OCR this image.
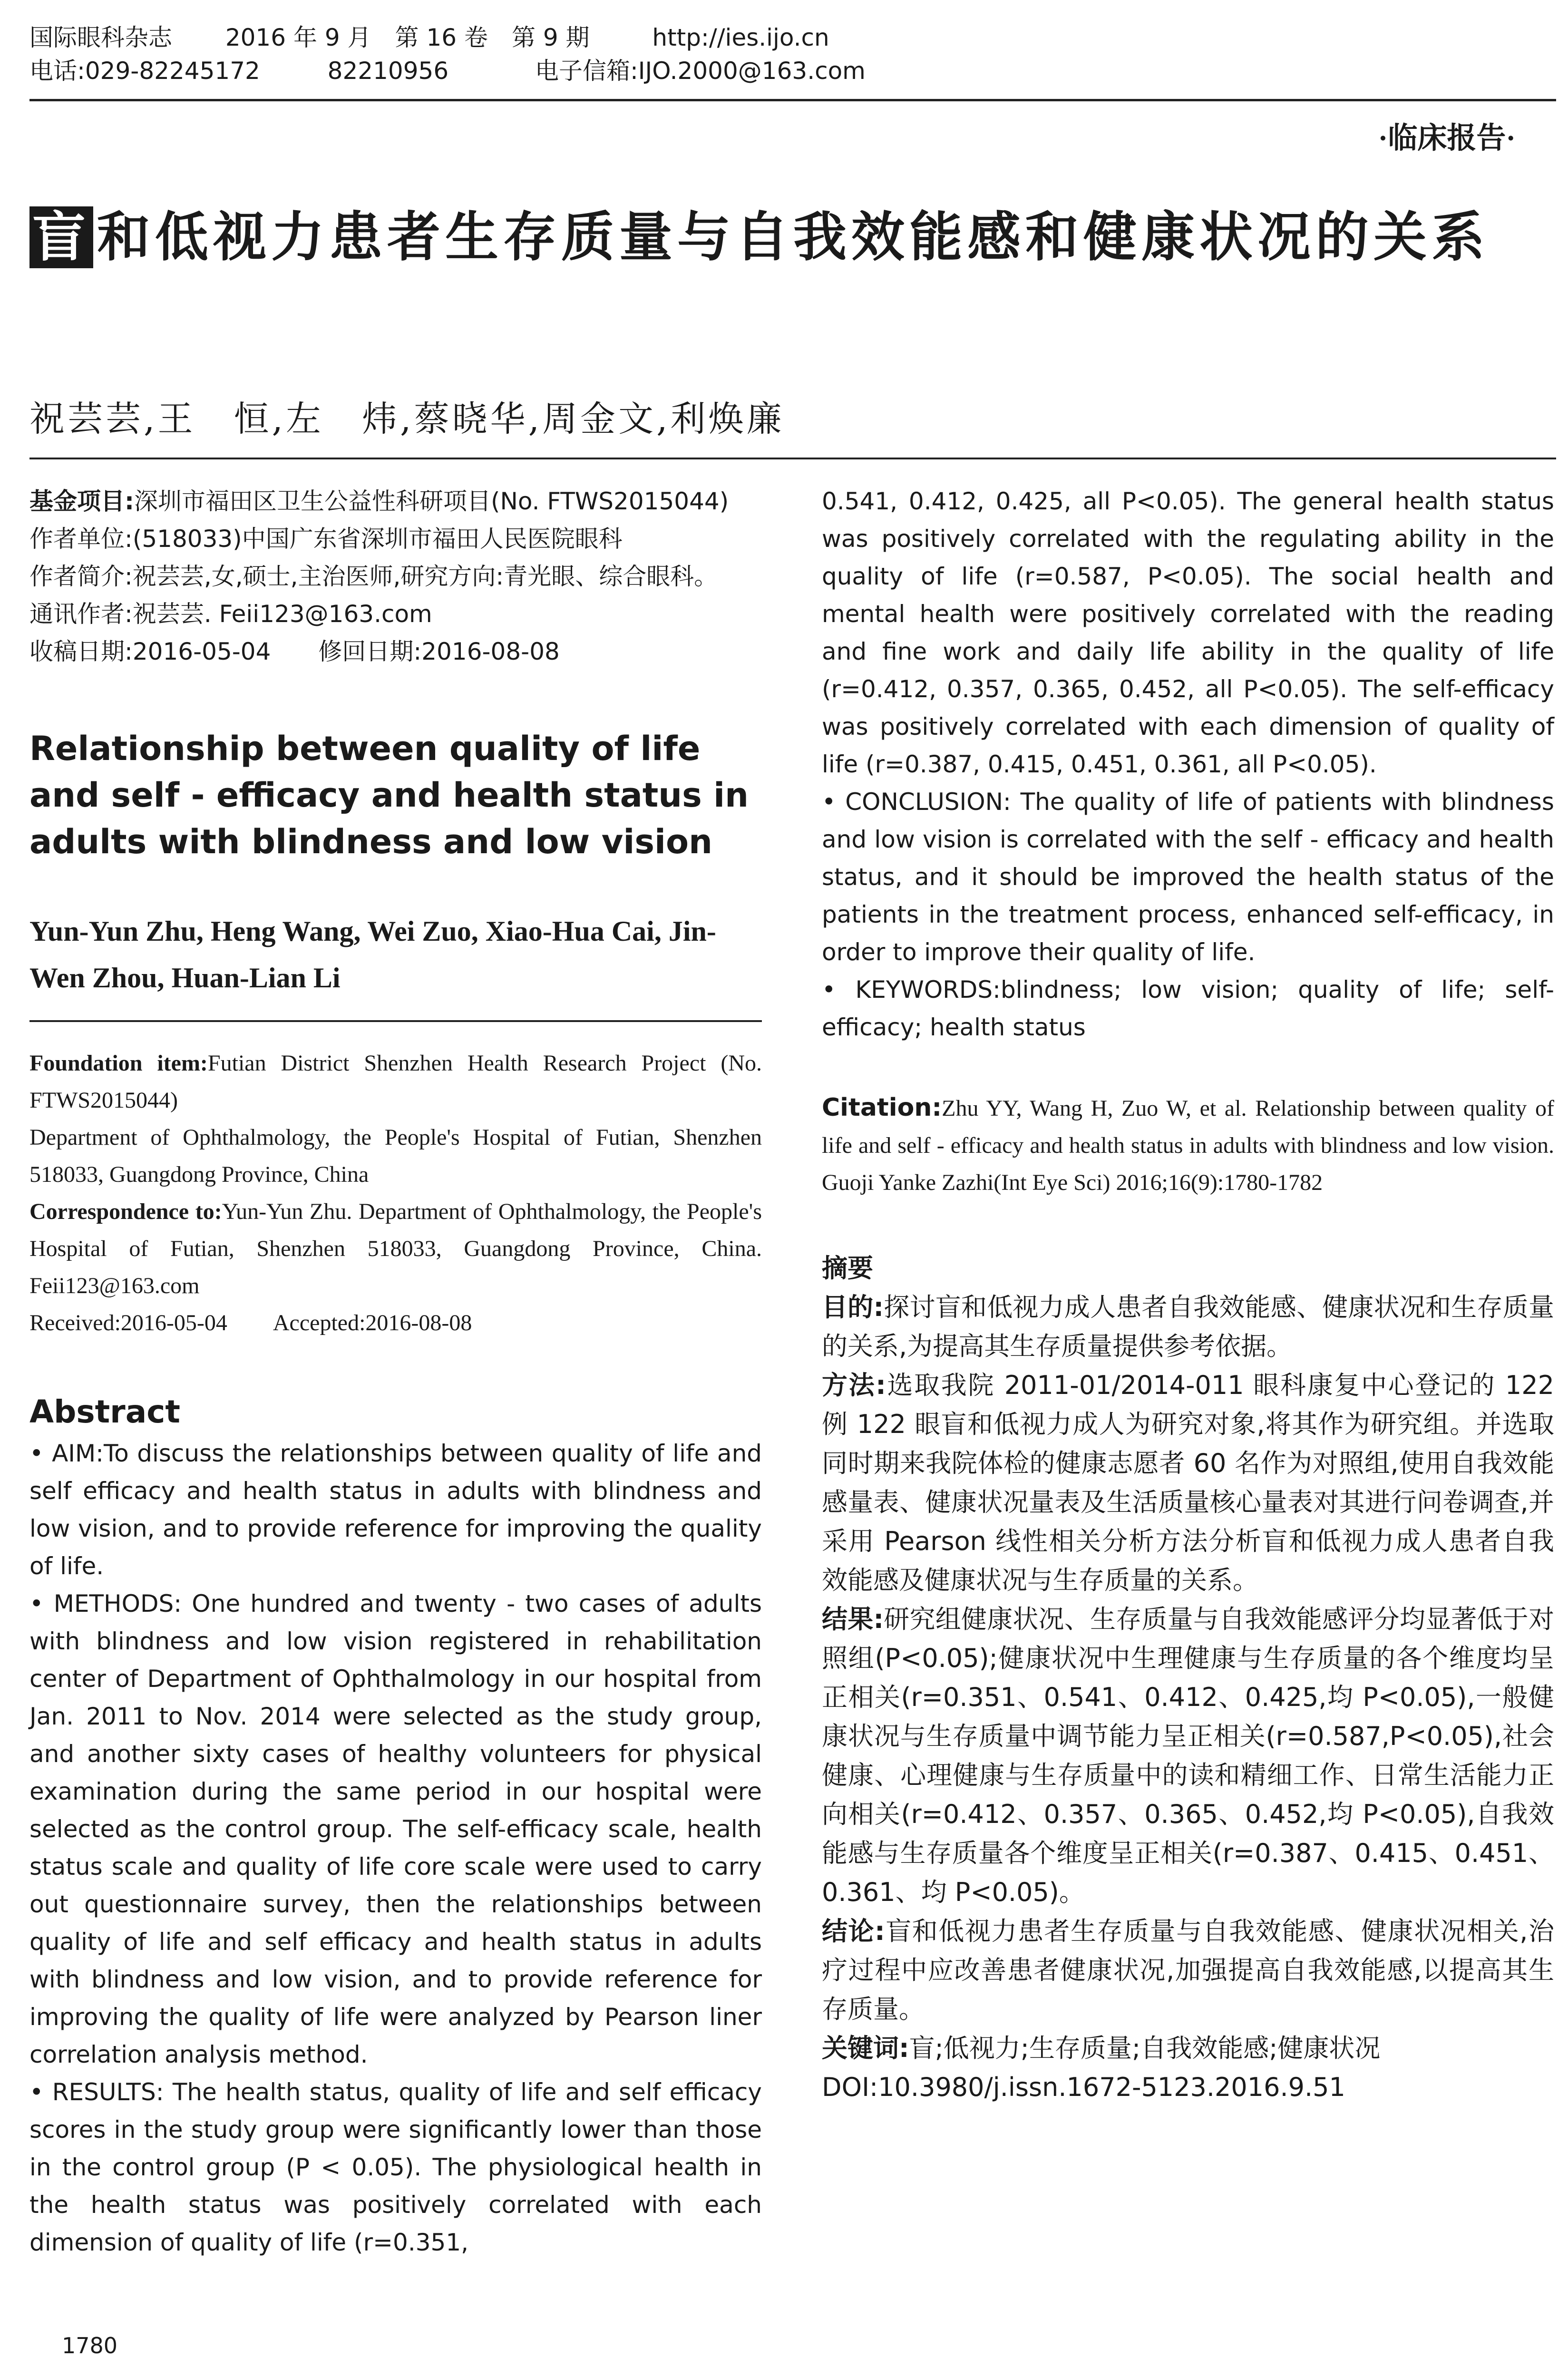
国际眼科杂志 2016 年 9 月　第 16 卷　第 9 期	http://ies.ijo.cn
电话:029-82245172	82210956	电子信箱:IJO.2000@163.com
·临床报告·
盲 和低视力患者生存质量与自我效能感和健康状况的关系
祝芸芸,王　恒,左　炜,蔡晓华,周金文,利焕廉

基金项目:深圳市福田区卫生公益性科研项目(No. FTWS2015044)

作者单位:(518033)中国广东省深圳市福田人民医院眼科

作者简介:祝芸芸,女,硕士,主治医师,研究方向:青光眼、综合眼科。

通讯作者:祝芸芸. Feii123@163.com

收稿日期:2016-05-04　　修回日期:2016-08-08

Relationship between quality of life and self - efficacy and health status in adults with blindness and low vision

Yun-Yun Zhu, Heng Wang, Wei Zuo, Xiao-Hua Cai, Jin-Wen Zhou, Huan-Lian Li

Foundation item:Futian District Shenzhen Health Research Project (No. FTWS2015044)

Department of Ophthalmology, the People's Hospital of Futian, Shenzhen 518033, Guangdong Province, China

Correspondence to:Yun-Yun Zhu. Department of Ophthalmology, the People's Hospital of Futian, Shenzhen 518033, Guangdong Province, China. Feii123@163.com

Received:2016-05-04　　Accepted:2016-08-08

Abstract

• AIM:To discuss the relationships between quality of life and self efficacy and health status in adults with blindness and low vision, and to provide reference for improving the quality of life.

• METHODS: One hundred and twenty - two cases of adults with blindness and low vision registered in rehabilitation center of Department of Ophthalmology in our hospital from Jan. 2011 to Nov. 2014 were selected as the study group, and another sixty cases of healthy volunteers for physical examination during the same period in our hospital were selected as the control group. The self-efficacy scale, health status scale and quality of life core scale were used to carry out questionnaire survey, then the relationships between quality of life and self efficacy and health status in adults with blindness and low vision, and to provide reference for improving the quality of life were analyzed by Pearson liner correlation analysis method.

• RESULTS: The health status, quality of life and self efficacy scores in the study group were significantly lower than those in the control group (P < 0.05). The physiological health in the health status was positively correlated with each dimension of quality of life (r=0.351,

0.541, 0.412, 0.425, all P<0.05). The general health status was positively correlated with the regulating ability in the quality of life (r=0.587, P<0.05). The social health and mental health were positively correlated with the reading and fine work and daily life ability in the quality of life (r=0.412, 0.357, 0.365, 0.452, all P<0.05). The self-efficacy was positively correlated with each dimension of quality of life (r=0.387, 0.415, 0.451, 0.361, all P<0.05).

• CONCLUSION: The quality of life of patients with blindness and low vision is correlated with the self - efficacy and health status, and it should be improved the health status of the patients in the treatment process, enhanced self-efficacy, in order to improve their quality of life.

• KEYWORDS:blindness; low vision; quality of life; self-efficacy; health status

Citation:Zhu YY, Wang H, Zuo W, et al. Relationship between quality of life and self - efficacy and health status in adults with blindness and low vision. Guoji Yanke Zazhi(Int Eye Sci) 2016;16(9):1780-1782

摘要

目的:探讨盲和低视力成人患者自我效能感、健康状况和生存质量的关系,为提高其生存质量提供参考依据。

方法:选取我院 2011-01/2014-011 眼科康复中心登记的 122 例 122 眼盲和低视力成人为研究对象,将其作为研究组。并选取同时期来我院体检的健康志愿者 60 名作为对照组,使用自我效能感量表、健康状况量表及生活质量核心量表对其进行问卷调查,并采用 Pearson 线性相关分析方法分析盲和低视力成人患者自我效能感及健康状况与生存质量的关系。

结果:研究组健康状况、生存质量与自我效能感评分均显著低于对照组(P<0.05);健康状况中生理健康与生存质量的各个维度均呈正相关(r=0.351、0.541、0.412、0.425,均 P<0.05),一般健康状况与生存质量中调节能力呈正相关(r=0.587,P<0.05),社会健康、心理健康与生存质量中的读和精细工作、日常生活能力正向相关(r=0.412、0.357、0.365、0.452,均 P<0.05),自我效能感与生存质量各个维度呈正相关(r=0.387、0.415、0.451、0.361、均 P<0.05)。

结论:盲和低视力患者生存质量与自我效能感、健康状况相关,治疗过程中应改善患者健康状况,加强提高自我效能感,以提高其生存质量。

关键词:盲;低视力;生存质量;自我效能感;健康状况

DOI:10.3980/j.issn.1672-5123.2016.9.51

1780
